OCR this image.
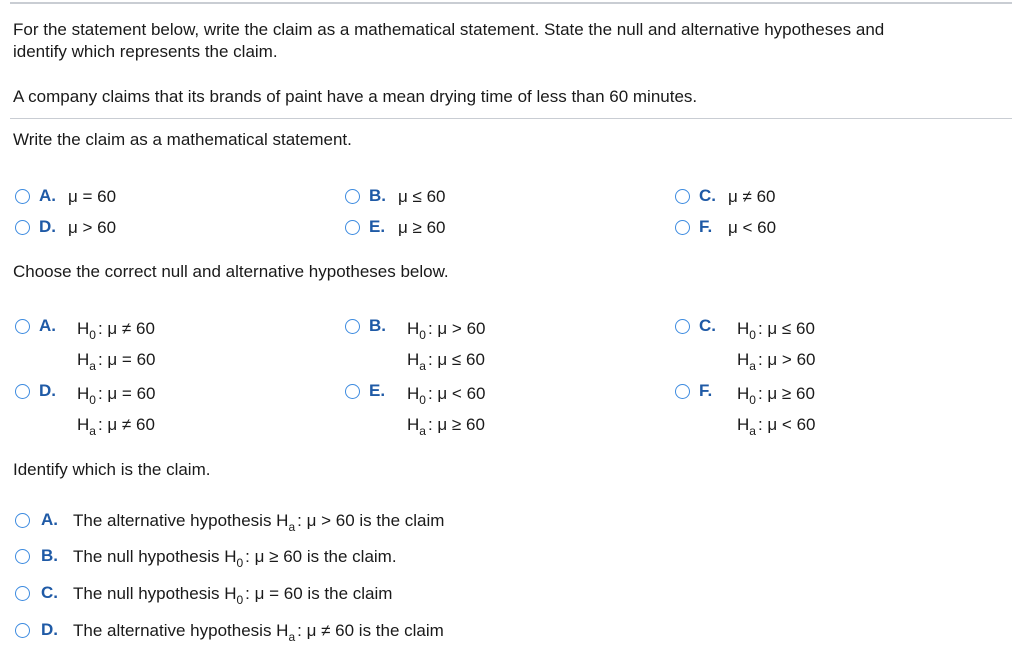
For the statement below, write the claim as a mathematical statement. State the null and alternative hypotheses and
identify which represents the claim.
A company claims that its brands of paint have a mean drying time of less than 60 minutes.
Write the claim as a mathematical statement.
A. μ = 60	B. μ ≤ 60	C. μ ≠ 60
D. μ > 60	E. μ ≥ 60	F. μ < 60
Choose the correct null and alternative hypotheses below.
A.	$H_0$ : μ ≠ 60
$H_a$ : μ = 60
B.	$H_0$ : μ > 60
$H_a$ : μ ≤ 60
C.	$H_0$ : μ ≤ 60
$H_a$ : μ > 60
D.	$H_0$ : μ = 60
$H_a$ : μ ≠ 60
E.	$H_0$ : μ < 60
$H_a$ : μ ≥ 60
F.	$H_0$ : μ ≥ 60
$H_a$ : μ < 60
Identify which is the claim.
A. The alternative hypothesis $H_a$ : μ > 60 is the claim
B. The null hypothesis $H_0$ : μ ≥ 60 is the claim.
C. The null hypothesis $H_0$ : μ = 60 is the claim
D. The alternative hypothesis $H_a$ : μ ≠ 60 is the claim
